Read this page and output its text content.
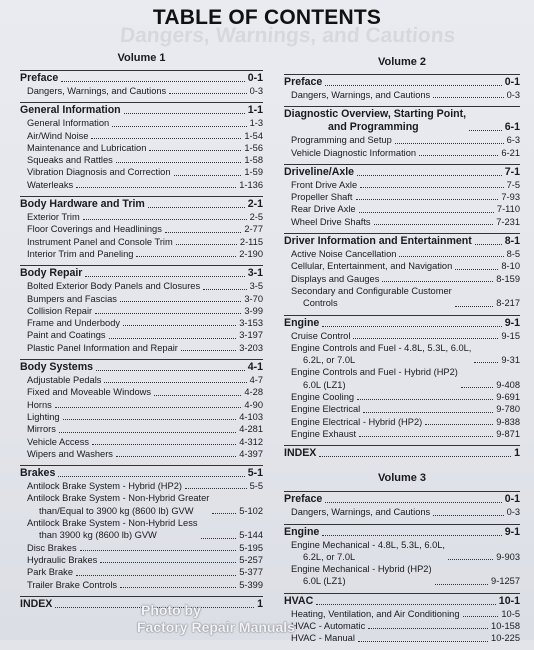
Dangers, Warnings, and Cautions
TABLE OF CONTENTS
Volume 1
Preface	0-1
Dangers, Warnings, and Cautions	0-3
General Information	1-1
General Information	1-3
Air/Wind Noise	1-54
Maintenance and Lubrication	1-56
Squeaks and Rattles	1-58
Vibration Diagnosis and Correction	1-59
Waterleaks	1-136
Body Hardware and Trim	2-1
Exterior Trim	2-5
Floor Coverings and Headlinings	2-77
Instrument Panel and Console Trim	2-115
Interior Trim and Paneling	2-190
Body Repair	3-1
Bolted Exterior Body Panels and Closures	3-5
Bumpers and Fascias	3-70
Collision Repair	3-99
Frame and Underbody	3-153
Paint and Coatings	3-197
Plastic Panel Information and Repair	3-203
Body Systems	4-1
Adjustable Pedals	4-7
Fixed and Moveable Windows	4-28
Horns	4-90
Lighting	4-103
Mirrors	4-281
Vehicle Access	4-312
Wipers and Washers	4-397
Brakes	5-1
Antilock Brake System - Hybrid (HP2)	5-5
Antilock Brake System - Non-Hybrid Greater
than/Equal to 3900 kg (8600 lb) GVW	5-102
Antilock Brake System - Non-Hybrid Less
than 3900 kg (8600 lb) GVW	5-144
Disc Brakes	5-195
Hydraulic Brakes	5-257
Park Brake	5-377
Trailer Brake Controls	5-399
INDEX	1
Volume 2
Preface	0-1
Dangers, Warnings, and Cautions	0-3
Diagnostic Overview, Starting Point,
and Programming	6-1
Programming and Setup	6-3
Vehicle Diagnostic Information	6-21
Driveline/Axle	7-1
Front Drive Axle	7-5
Propeller Shaft	7-93
Rear Drive Axle	7-110
Wheel Drive Shafts	7-231
Driver Information and Entertainment	8-1
Active Noise Cancellation	8-5
Cellular, Entertainment, and Navigation	8-10
Displays and Gauges	8-159
Secondary and Configurable Customer
Controls	8-217
Engine	9-1
Cruise Control	9-15
Engine Controls and Fuel - 4.8L, 5.3L, 6.0L,
6.2L, or 7.0L	9-31
Engine Controls and Fuel - Hybrid (HP2)
6.0L (LZ1)	9-408
Engine Cooling	9-691
Engine Electrical	9-780
Engine Electrical - Hybrid (HP2)	9-838
Engine Exhaust	9-871
INDEX	1
Volume 3
Preface	0-1
Dangers, Warnings, and Cautions	0-3
Engine	9-1
Engine Mechanical - 4.8L, 5.3L, 6.0L,
6.2L, or 7.0L	9-903
Engine Mechanical - Hybrid (HP2)
6.0L (LZ1)	9-1257
HVAC	10-1
Heating, Ventilation, and Air Conditioning	10-5
HVAC - Automatic	10-158
HVAC - Manual	10-225
Photo by
Factory Repair Manuals
